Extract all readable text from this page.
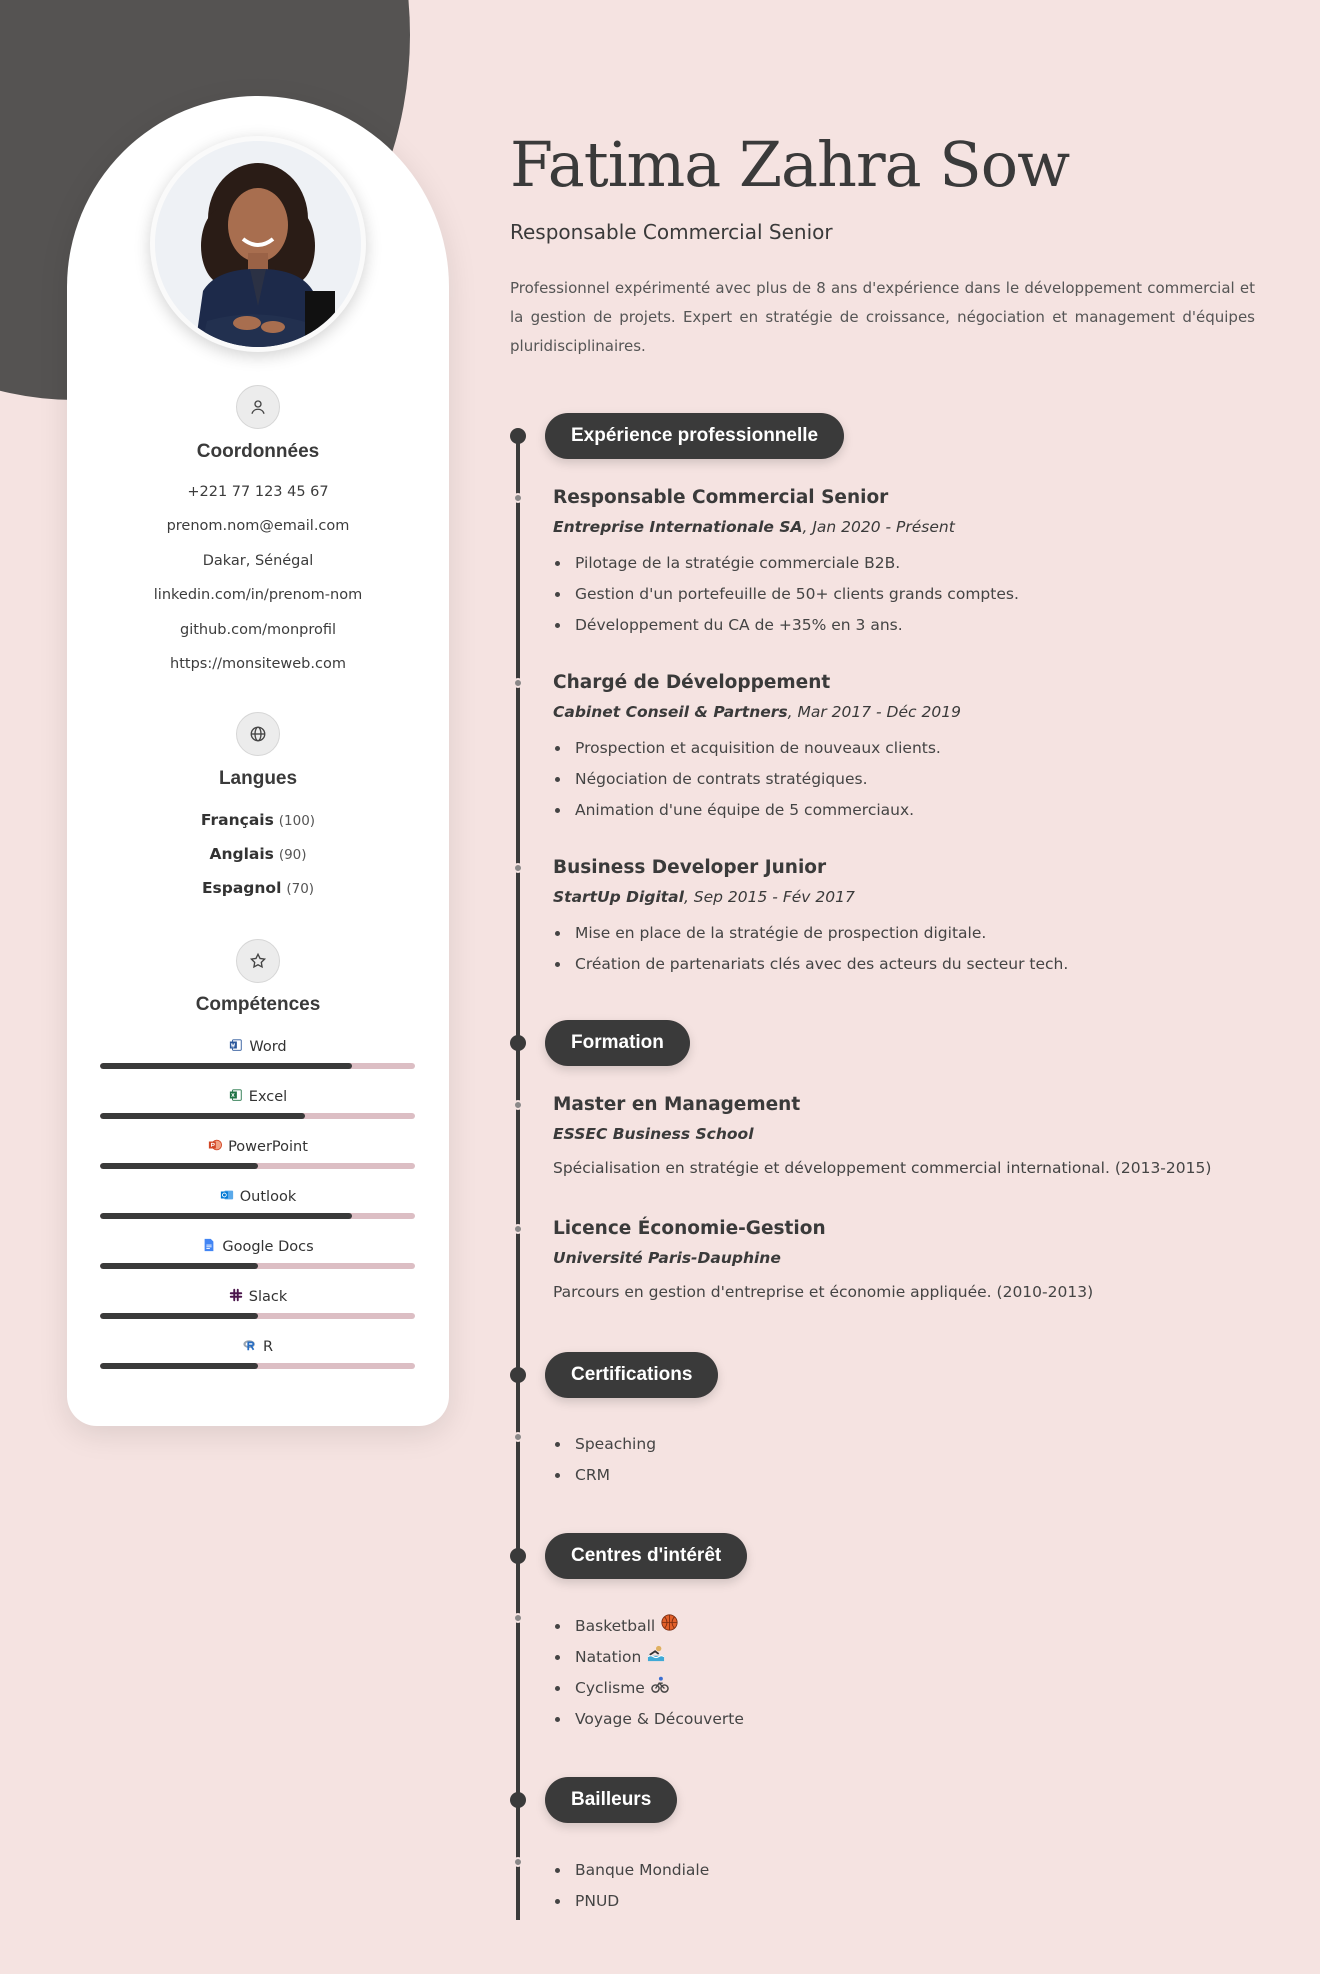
Coordonnées
+221 77 123 45 67
prenom.nom@email.com
Dakar, Sénégal
linkedin.com/in/prenom-nom
github.com/monprofil
https://monsiteweb.com
Langues
Français (100)
Anglais (90)
Espagnol (70)
Compétences
Word
Excel
PowerPoint
Outlook
Google Docs
Slack
R
Fatima Zahra Sow
Responsable Commercial Senior
Professionnel expérimenté avec plus de 8 ans d'expérience dans le développement commercial et la gestion de projets. Expert en stratégie de croissance, négociation et management d'équipes pluridisciplinaires.
Expérience professionnelle
Responsable Commercial Senior
Entreprise Internationale SA, Jan 2020 - Présent
Pilotage de la stratégie commerciale B2B.
Gestion d'un portefeuille de 50+ clients grands comptes.
Développement du CA de +35% en 3 ans.
Chargé de Développement
Cabinet Conseil & Partners, Mar 2017 - Déc 2019
Prospection et acquisition de nouveaux clients.
Négociation de contrats stratégiques.
Animation d'une équipe de 5 commerciaux.
Business Developer Junior
StartUp Digital, Sep 2015 - Fév 2017
Mise en place de la stratégie de prospection digitale.
Création de partenariats clés avec des acteurs du secteur tech.
Formation
Master en Management
ESSEC Business School
Spécialisation en stratégie et développement commercial international. (2013-2015)
Licence Économie-Gestion
Université Paris-Dauphine
Parcours en gestion d'entreprise et économie appliquée. (2010-2013)
Certifications
Speaching
CRM
Centres d'intérêt
Basketball
Natation
Cyclisme
Voyage & Découverte
Bailleurs
Banque Mondiale
PNUD
